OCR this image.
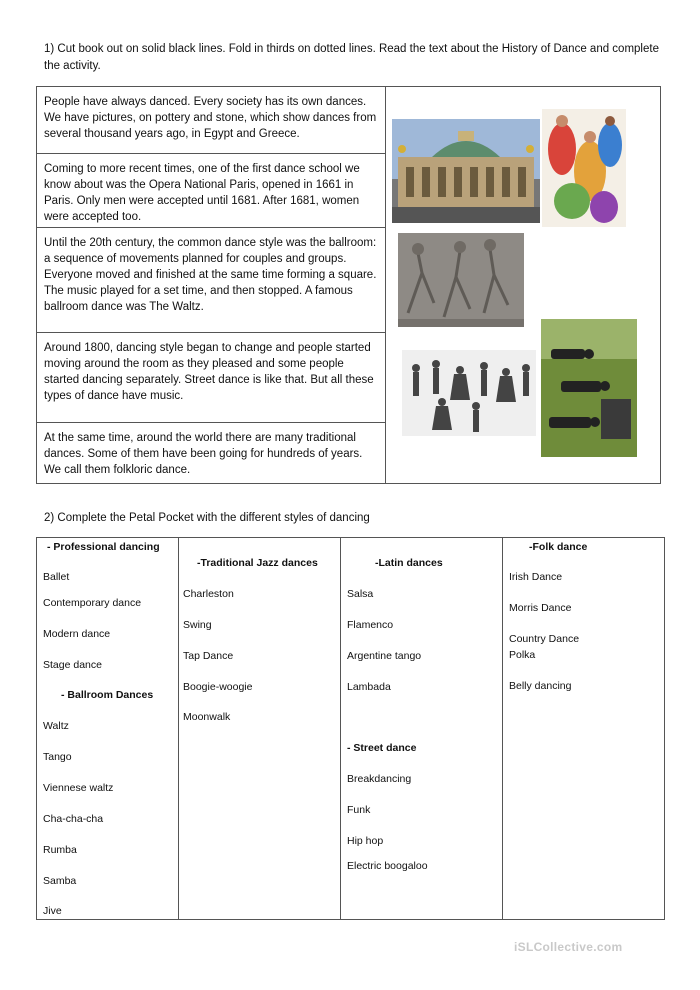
1) Cut book out on solid black lines. Fold in thirds on dotted lines. Read the text about the History of Dance and complete the activity.
People have always danced. Every society has its own dances. We have pictures, on pottery and stone, which show dances from several thousand years ago, in Egypt and Greece.
Coming to more recent times, one of the first dance school we know about was the Opera National Paris, opened in 1661 in Paris. Only men were accepted until 1681. After 1681, women were accepted too.
Until the 20th century, the common dance style was the ballroom: a sequence of movements planned for couples and groups. Everyone moved and finished at the same time forming a square. The music played for a set time, and then stopped. A famous ballroom dance was The Waltz.
Around 1800, dancing style began to change and people started moving around the room as they pleased and some people started dancing separately. Street dance is like that. But all these types of dance have music.
At the same time, around the world there are many traditional dances. Some of them have been going for hundreds of years. We call them folkloric dance.
2) Complete the Petal Pocket with the different styles of dancing
- Professional dancing
Ballet
Contemporary dance
Modern dance
Stage dance
- Ballroom Dances
Waltz
Tango
Viennese waltz
Cha-cha-cha
Rumba
Samba
Jive
-Traditional Jazz dances
Charleston
Swing
Tap Dance
Boogie-woogie
Moonwalk
-Latin dances
Salsa
Flamenco
Argentine tango
Lambada
- Street dance
Breakdancing
Funk
Hip hop
Electric boogaloo
-Folk dance
Irish Dance
Morris Dance
Country Dance
Polka
Belly dancing
iSLCollective.com
